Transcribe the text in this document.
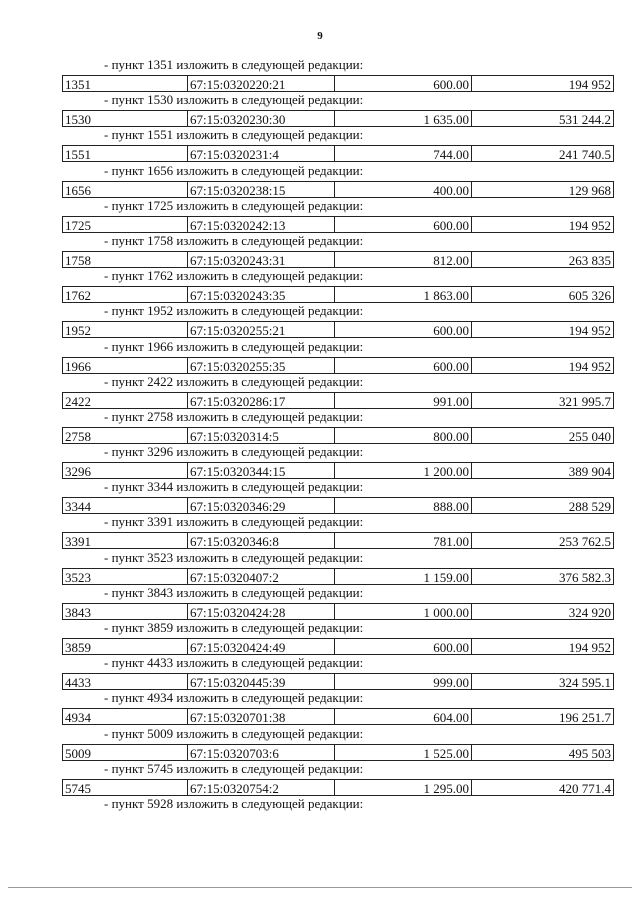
9
- пункт 1351 изложить в следующей редакции:
1351	67:15:0320220:21	600.00	194 952
- пункт 1530 изложить в следующей редакции:
1530	67:15:0320230:30	1 635.00	531 244.2
- пункт 1551 изложить в следующей редакции:
1551	67:15:0320231:4	744.00	241 740.5
- пункт 1656 изложить в следующей редакции:
1656	67:15:0320238:15	400.00	129 968
- пункт 1725 изложить в следующей редакции:
1725	67:15:0320242:13	600.00	194 952
- пункт 1758 изложить в следующей редакции:
1758	67:15:0320243:31	812.00	263 835
- пункт 1762 изложить в следующей редакции:
1762	67:15:0320243:35	1 863.00	605 326
- пункт 1952 изложить в следующей редакции:
1952	67:15:0320255:21	600.00	194 952
- пункт 1966 изложить в следующей редакции:
1966	67:15:0320255:35	600.00	194 952
- пункт 2422 изложить в следующей редакции:
2422	67:15:0320286:17	991.00	321 995.7
- пункт 2758 изложить в следующей редакции:
2758	67:15:0320314:5	800.00	255 040
- пункт 3296 изложить в следующей редакции:
3296	67:15:0320344:15	1 200.00	389 904
- пункт 3344 изложить в следующей редакции:
3344	67:15:0320346:29	888.00	288 529
- пункт 3391 изложить в следующей редакции:
3391	67:15:0320346:8	781.00	253 762.5
- пункт 3523 изложить в следующей редакции:
3523	67:15:0320407:2	1 159.00	376 582.3
- пункт 3843 изложить в следующей редакции:
3843	67:15:0320424:28	1 000.00	324 920
- пункт 3859 изложить в следующей редакции:
3859	67:15:0320424:49	600.00	194 952
- пункт 4433 изложить в следующей редакции:
4433	67:15:0320445:39	999.00	324 595.1
- пункт 4934 изложить в следующей редакции:
4934	67:15:0320701:38	604.00	196 251.7
- пункт 5009 изложить в следующей редакции:
5009	67:15:0320703:6	1 525.00	495 503
- пункт 5745 изложить в следующей редакции:
5745	67:15:0320754:2	1 295.00	420 771.4
- пункт 5928 изложить в следующей редакции:
